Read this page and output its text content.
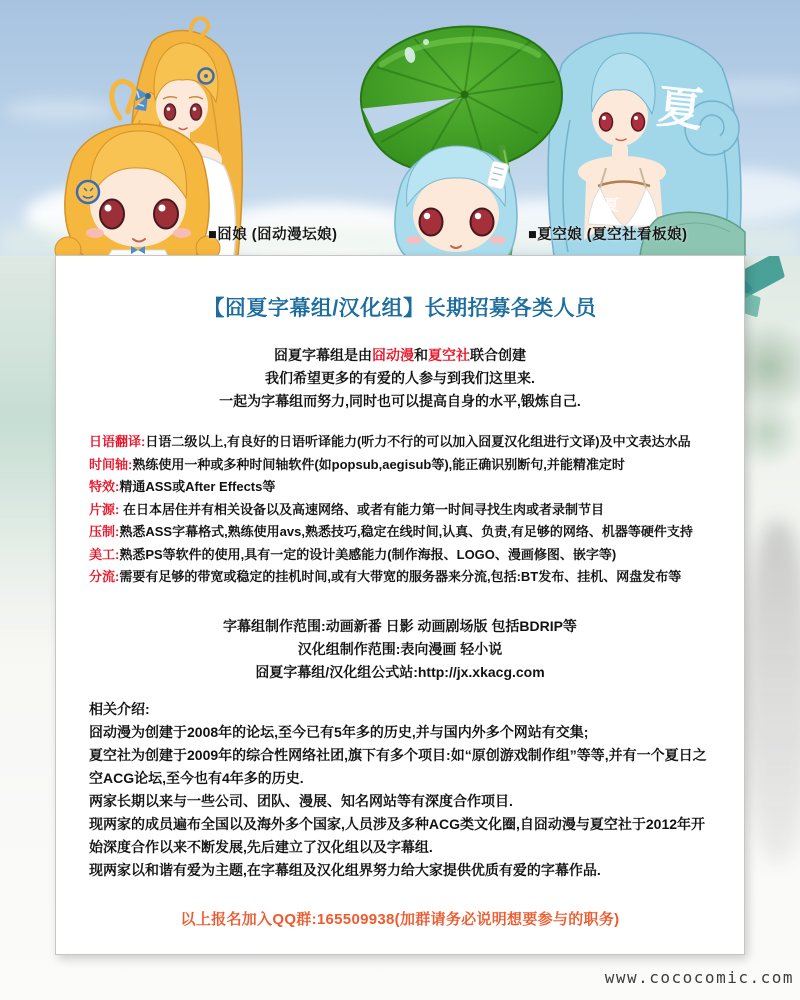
夏
夏
■囧娘 (囧动漫坛娘)	■夏空娘 (夏空社看板娘)
【囧夏字幕组/汉化组】长期招募各类人员
囧夏字幕组是由囧动漫和夏空社联合创建
我们希望更多的有爱的人参与到我们这里来.
一起为字幕组而努力,同时也可以提高自身的水平,锻炼自己.
日语翻译:日语二级以上,有良好的日语听译能力(听力不行的可以加入囧夏汉化组进行文译)及中文表达水品
时间轴:熟练使用一种或多种时间轴软件(如popsub,aegisub等),能正确识别断句,并能精准定时
特效:精通ASS或After Effects等
片源: 在日本居住并有相关设备以及高速网络、或者有能力第一时间寻找生肉或者录制节目
压制:熟悉ASS字幕格式,熟练使用avs,熟悉技巧,稳定在线时间,认真、负责,有足够的网络、机器等硬件支持
美工:熟悉PS等软件的使用,具有一定的设计美感能力(制作海报、LOGO、漫画修图、嵌字等)
分流:需要有足够的带宽或稳定的挂机时间,或有大带宽的服务器来分流,包括:BT发布、挂机、网盘发布等
字幕组制作范围:动画新番 日影 动画剧场版 包括BDRIP等
汉化组制作范围:表向漫画 轻小说
囧夏字幕组/汉化组公式站:http://jx.xkacg.com
相关介绍:
囧动漫为创建于2008年的论坛,至今已有5年多的历史,并与国内外多个网站有交集;
夏空社为创建于2009年的综合性网络社团,旗下有多个项目:如“原创游戏制作组”等等,并有一个夏日之空ACG论坛,至今也有4年多的历史.
两家长期以来与一些公司、团队、漫展、知名网站等有深度合作项目.
现两家的成员遍布全国以及海外多个国家,人员涉及多种ACG类文化圈,自囧动漫与夏空社于2012年开始深度合作以来不断发展,先后建立了汉化组以及字幕组.
现两家以和谐有爱为主题,在字幕组及汉化组界努力给大家提供优质有爱的字幕作品.
以上报名加入QQ群:165509938(加群请务必说明想要参与的职务)
www.cococomic.com
